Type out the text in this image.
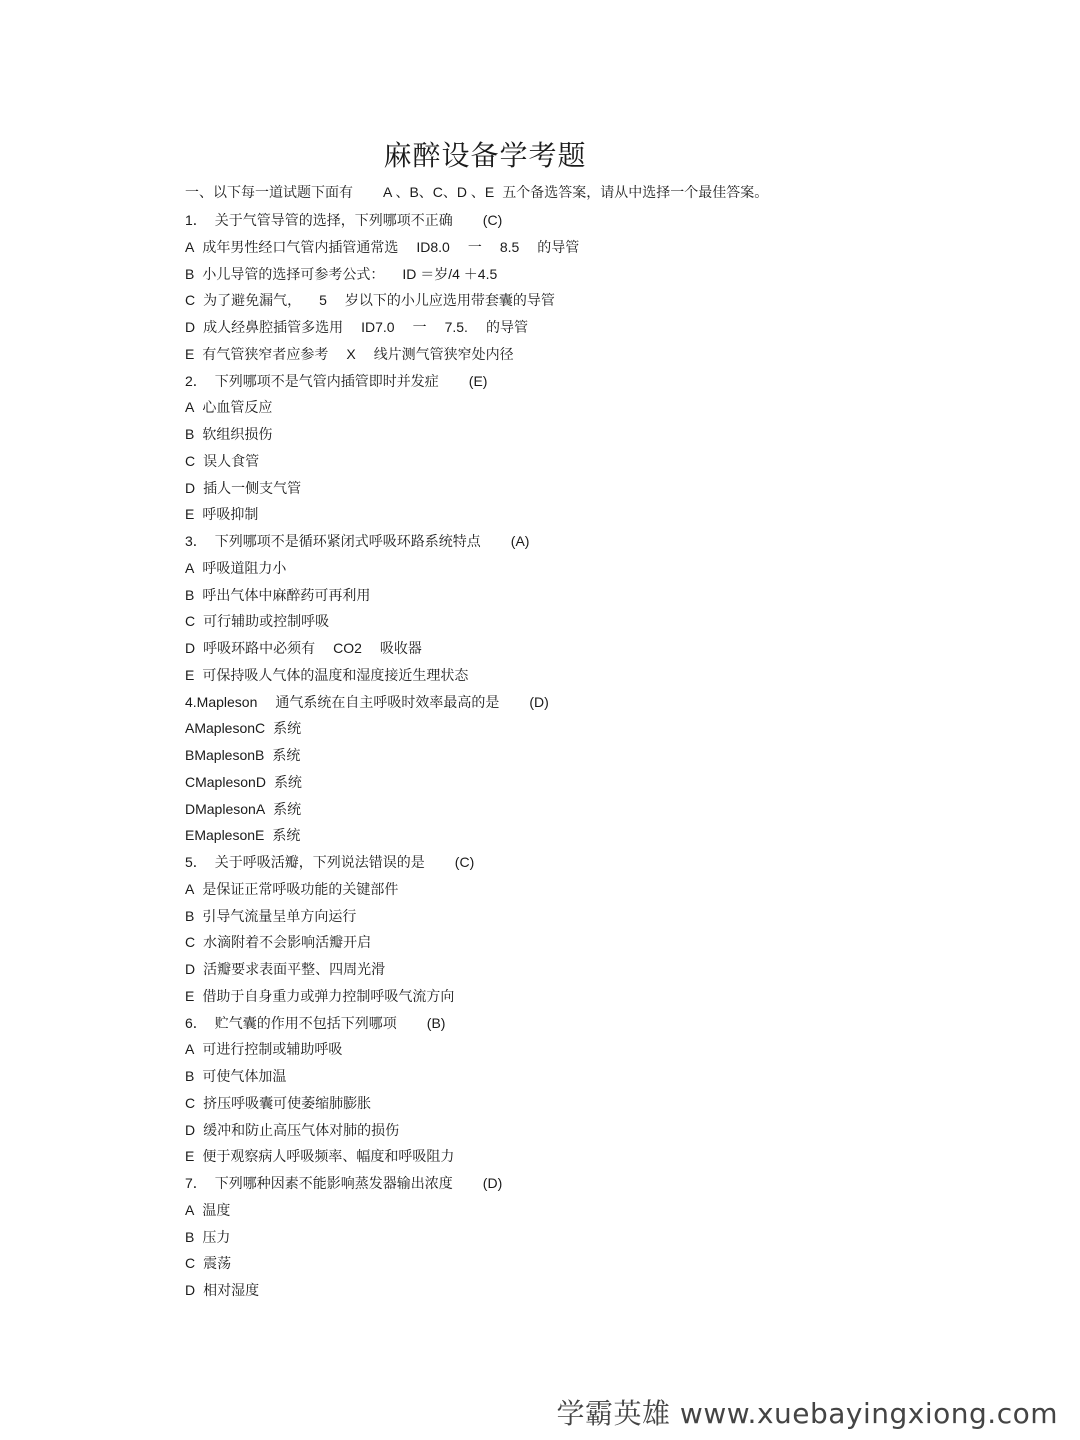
麻醉设备学考题
一、以下每一道试题下面有 A 、B、C、D 、E 五个备选答案，请从中选择一个最佳答案。
1． 关于气管导管的选择，下列哪项不正确 (C)
A 成年男性经口气管内插管通常选 ID8.0 一 8.5 的导管
B 小儿导管的选择可参考公式： ID ＝岁/4 ＋4.5
C 为了避免漏气， 5 岁以下的小儿应选用带套囊的导管
D 成人经鼻腔插管多选用 ID7.0 一 7.5. 的导管
E 有气管狭窄者应参考 X 线片测气管狭窄处内径
2． 下列哪项不是气管内插管即时并发症 (E)
A 心血管反应
B 软组织损伤
C 误人食管
D 插人一侧支气管
E 呼吸抑制
3． 下列哪项不是循环紧闭式呼吸环路系统特点 (A)
A 呼吸道阻力小
B 呼出气体中麻醉药可再利用
C 可行辅助或控制呼吸
D 呼吸环路中必须有 CO2 吸收器
E 可保持吸人气体的温度和湿度接近生理状态
4.Mapleson 通气系统在自主呼吸时效率最高的是 (D)
AMaplesonC 系统
BMaplesonB 系统
CMaplesonD 系统
DMaplesonA 系统
EMaplesonE 系统
5． 关于呼吸活瓣，下列说法错误的是 (C)
A 是保证正常呼吸功能的关键部件
B 引导气流量呈单方向运行
C 水滴附着不会影响活瓣开启
D 活瓣要求表面平整、四周光滑
E 借助于自身重力或弹力控制呼吸气流方向
6． 贮气囊的作用不包括下列哪项 (B)
A 可进行控制或辅助呼吸
B 可使气体加温
C 挤压呼吸囊可使萎缩肺膨胀
D 缓冲和防止高压气体对肺的损伤
E 便于观察病人呼吸频率、幅度和呼吸阻力
7． 下列哪种因素不能影响蒸发器输出浓度 (D)
A 温度
B 压力
C 震荡
D 相对湿度
学霸英雄 www.xuebayingxiong.com
